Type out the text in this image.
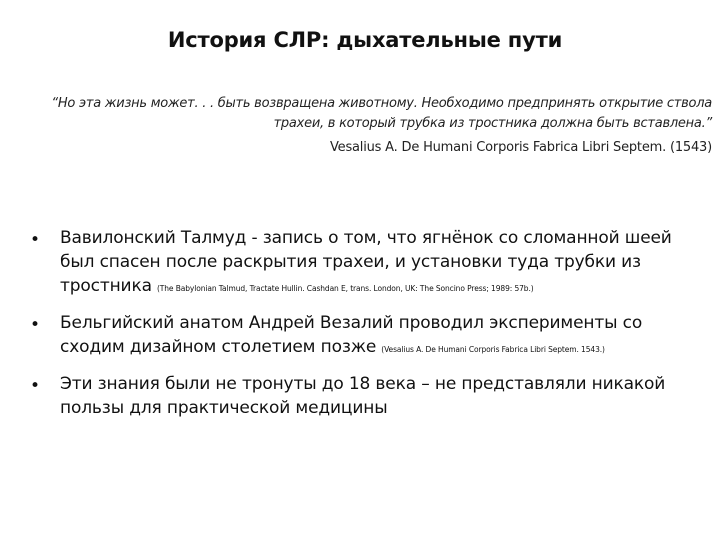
История СЛР: дыхательные пути
“Но эта жизнь может. . . быть возвращена животному. Необходимо предпринять открытие ствола трахеи, в который трубка из тростника должна быть вставлена.”
Vesalius A. De Humani Corporis Fabrica Libri Septem. (1543)
• Вавилонский Талмуд - запись о том, что ягнёнок со сломанной шеей был спасен после раскрытия трахеи, и установки туда трубки из тростника (The Babylonian Talmud, Tractate Hullin. Cashdan E, trans. London, UK: The Soncino Press; 1989: 57b.)
• Бельгийский анатом Андрей Везалий проводил эксперименты со сходим дизайном столетием позже (Vesalius A. De Humani Corporis Fabrica Libri Septem. 1543.)
• Эти знания были не тронуты до 18 века – не представляли никакой пользы для практической медицины
